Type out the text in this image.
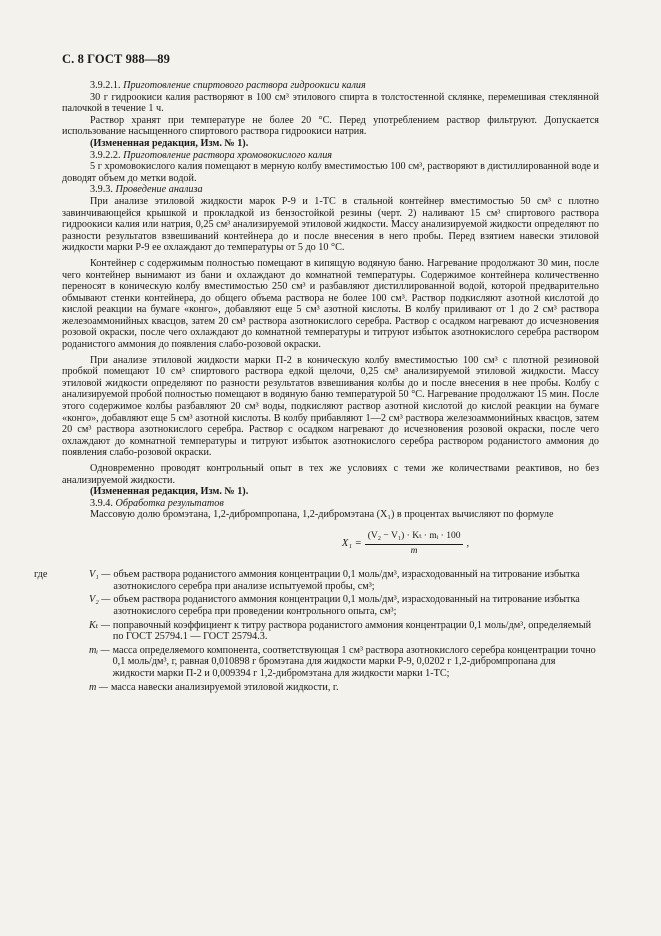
С. 8 ГОСТ 988—89

3.9.2.1. Приготовление спиртового раствора гидроокиси калия

30 г гидроокиси калия растворяют в 100 см³ этилового спирта в толстостенной склянке, перемешивая стеклянной палочкой в течение 1 ч.

Раствор хранят при температуре не более 20 °С. Перед употреблением раствор фильтруют. Допускается использование насыщенного спиртового раствора гидроокиси натрия.

(Измененная редакция, Изм. № 1).

3.9.2.2. Приготовление раствора хромовокислого калия

5 г хромовокислого калия помещают в мерную колбу вместимостью 100 см³, растворяют в дистиллированной воде и доводят объем до метки водой.

3.9.3. Проведение анализа

При анализе этиловой жидкости марок Р-9 и 1-ТС в стальной контейнер вместимостью 50 см³ с плотно завинчивающейся крышкой и прокладкой из бензостойкой резины (черт. 2) наливают 15 см³ спиртового раствора гидроокиси калия или натрия, 0,25 см³ анализируемой этиловой жидкости. Массу анализируемой жидкости определяют по разности результатов взвешиваний контейнера до и после внесения в него пробы. Перед взятием навески этиловой жидкости марки Р-9 ее охлаждают до температуры от 5 до 10 °С.

Контейнер с содержимым полностью помещают в кипящую водяную баню. Нагревание продолжают 30 мин, после чего контейнер вынимают из бани и охлаждают до комнатной температуры. Содержимое контейнера количественно переносят в коническую колбу вместимостью 250 см³ и разбавляют дистиллированной водой, которой предварительно обмывают стенки контейнера, до общего объема раствора не более 100 см³. Раствор подкисляют азотной кислотой до кислой реакции на бумаге «конго», добавляют еще 5 см³ азотной кислоты. В колбу приливают от 1 до 2 см³ раствора железоаммонийных квасцов, затем 20 см³ раствора азотнокислого серебра. Раствор с осадком нагревают до исчезновения розовой окраски, после чего охлаждают до комнатной температуры и титруют избыток азотнокислого серебра раствором роданистого аммония до появления слабо-розовой окраски.

При анализе этиловой жидкости марки П-2 в коническую колбу вместимостью 100 см³ с плотной резиновой пробкой помещают 10 см³ спиртового раствора едкой щелочи, 0,25 см³ анализируемой этиловой жидкости. Массу этиловой жидкости определяют по разности результатов взвешивания колбы до и после внесения в нее пробы. Колбу с анализируемой пробой полностью помещают в водяную баню температурой 50 °С. Нагревание продолжают 15 мин. После этого содержимое колбы разбавляют 20 см³ воды, подкисляют раствор азотной кислотой до кислой реакции на бумаге «конго», добавляют еще 5 см³ азотной кислоты. В колбу прибавляют 1—2 см³ раствора железоаммонийных квасцов, затем 20 см³ раствора азотнокислого серебра. Раствор с осадком нагревают до исчезновения розовой окраски, после чего охлаждают до комнатной температуры и титруют избыток азотнокислого серебра раствором роданистого аммония до появления слабо-розовой окраски.

Одновременно проводят контрольный опыт в тех же условиях с теми же количествами реактивов, но без анализируемой жидкости.

(Измененная редакция, Изм. № 1).

3.9.4. Обработка результатов

Массовую долю бромэтана, 1,2-дибромпропана, 1,2-дибромэтана (X₁) в процентах вычисляют по формуле

$X_1 = \frac{\text{(V₂ − V₁) · Kₜ · mᵢ · 100}}{m}$ ,
где	V₁ — объем раствора роданистого аммония концентрации 0,1 моль/дм³, израсходованный на титрование избытка азотнокислого серебра при анализе испытуемой пробы, см³;
V₂ — объем раствора роданистого аммония концентрации 0,1 моль/дм³, израсходованный на титрование избытка азотнокислого серебра при проведении контрольного опыта, см³;
Kₜ — поправочный коэффициент к титру раствора роданистого аммония концентрации 0,1 моль/дм³, определяемый по ГОСТ 25794.1 — ГОСТ 25794.3.
mᵢ — масса определяемого компонента, соответствующая 1 см³ раствора азотнокислого серебра концентрации точно 0,1 моль/дм³, г, равная 0,010898 г бромэтана для жидкости марки Р-9, 0,0202 г 1,2-дибромпропана для жидкости марки П-2 и 0,009394 г 1,2-дибромэтана для жидкости марки 1-ТС;
m — масса навески анализируемой этиловой жидкости, г.
